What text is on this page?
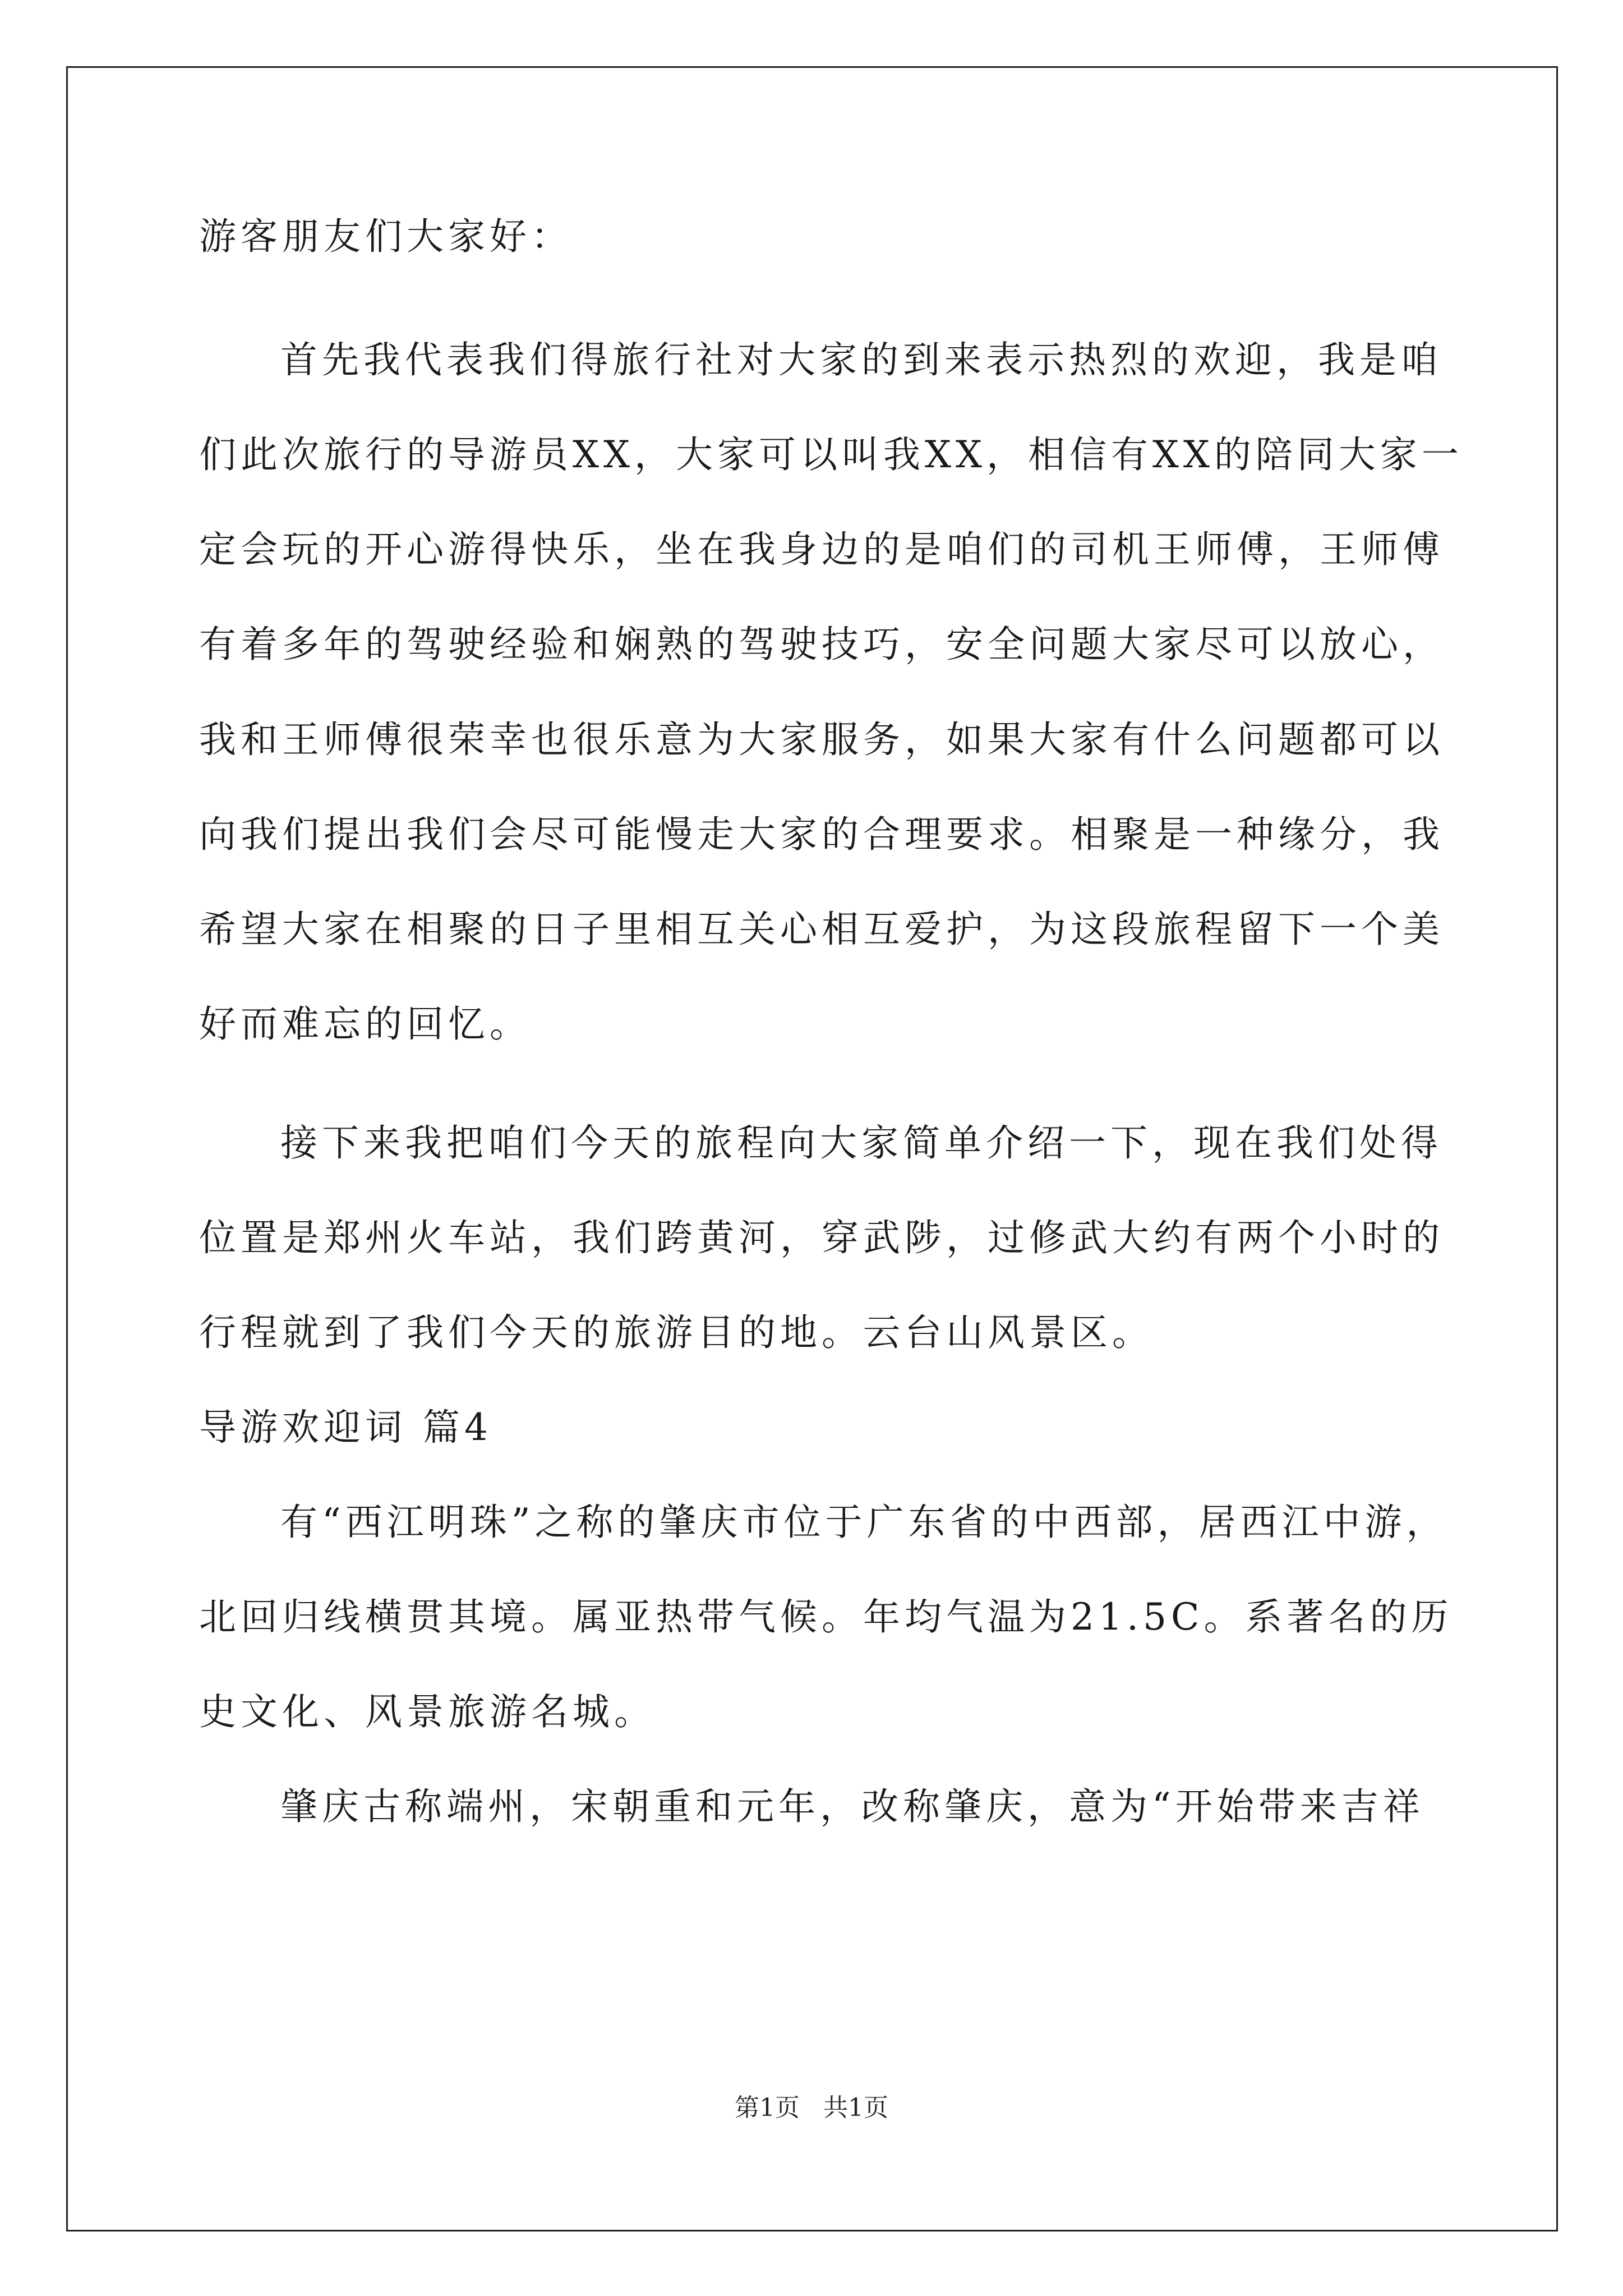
游客朋友们大家好：
首先我代表我们得旅行社对大家的到来表示热烈的欢迎，我是咱
们此次旅行的导游员XX，大家可以叫我XX，相信有XX的陪同大家一
定会玩的开心游得快乐，坐在我身边的是咱们的司机王师傅，王师傅
有着多年的驾驶经验和娴熟的驾驶技巧，安全问题大家尽可以放心，
我和王师傅很荣幸也很乐意为大家服务，如果大家有什么问题都可以
向我们提出我们会尽可能慢走大家的合理要求。相聚是一种缘分，我
希望大家在相聚的日子里相互关心相互爱护，为这段旅程留下一个美
好而难忘的回忆。
接下来我把咱们今天的旅程向大家简单介绍一下，现在我们处得
位置是郑州火车站，我们跨黄河，穿武陟，过修武大约有两个小时的
行程就到了我们今天的旅游目的地。云台山风景区。
导游欢迎词 篇4
有“西江明珠”之称的肇庆市位于广东省的中西部，居西江中游，
北回归线横贯其境。属亚热带气候。年均气温为21.5C。系著名的历
史文化、风景旅游名城。
肇庆古称端州，宋朝重和元年，改称肇庆，意为“开始带来吉祥
第1页   共1页
